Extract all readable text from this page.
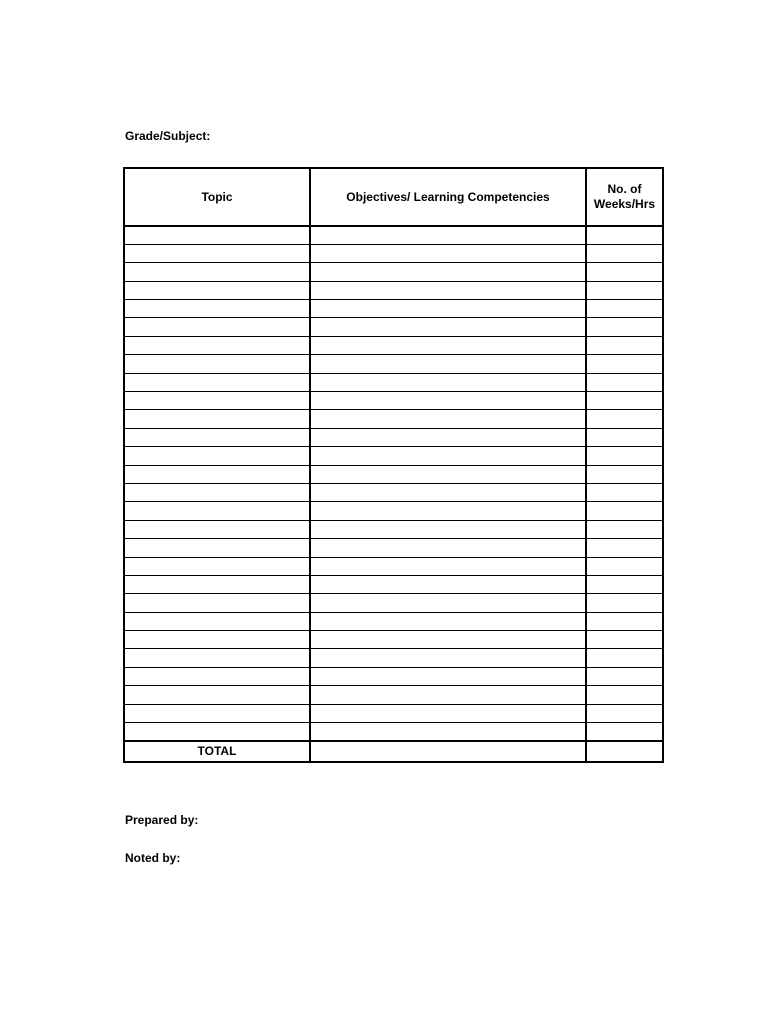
Grade/Subject:
Topic	Objectives/ Learning Competencies	No. of Weeks/Hrs

TOTAL		
Prepared by:
Noted by:
